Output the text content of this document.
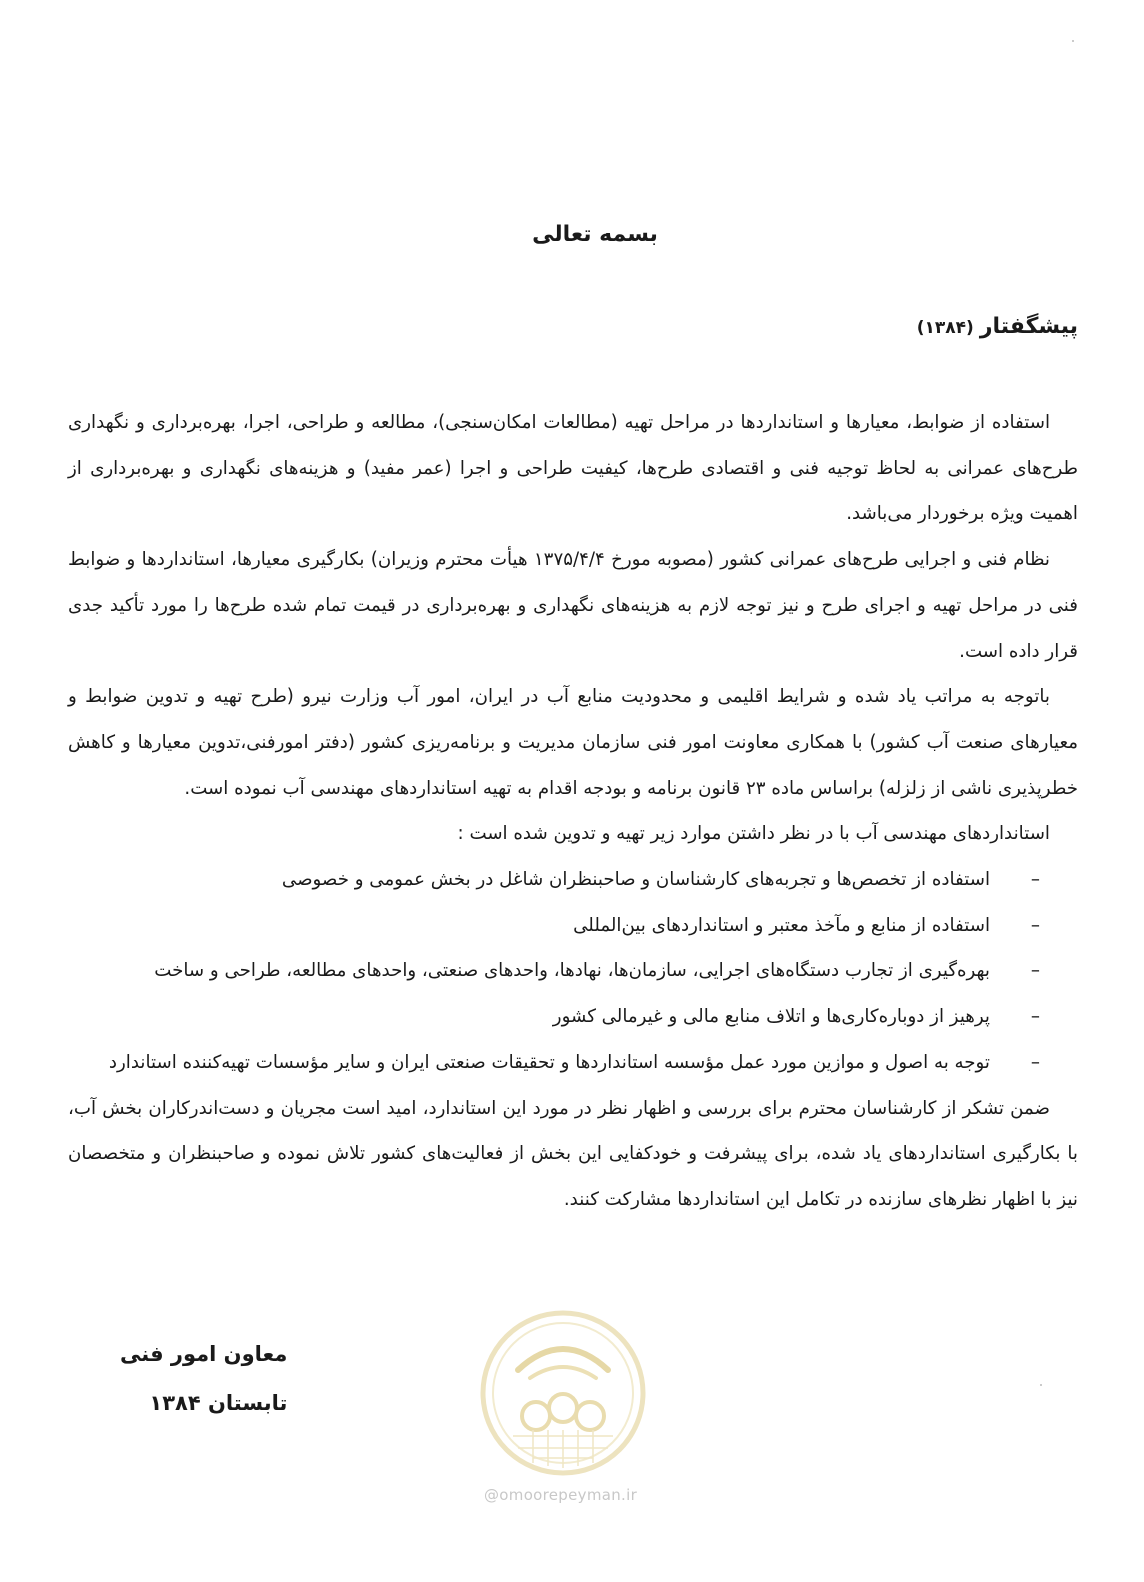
بسمه تعالی
پیشگفتار(۱۳۸۴)

استفاده از ضوابط، معیارها و استانداردها در مراحل تهیه (مطالعات امکان‌سنجی)، مطالعه و طراحی، اجرا، بهره‌برداری و نگهداری طرح‌های عمرانی به لحاظ توجیه فنی و اقتصادی طرح‌ها، کیفیت طراحی و اجرا (عمر مفید) و هزینه‌های نگهداری و بهره‌برداری از اهمیت ویژه برخوردار می‌باشد.

نظام فنی و اجرایی طرح‌های عمرانی کشور (مصوبه مورخ ۱۳۷۵/۴/۴ هیأت محترم وزیران) بکارگیری معیارها، استانداردها و ضوابط فنی در مراحل تهیه و اجرای طرح و نیز توجه لازم به هزینه‌های نگهداری و بهره‌برداری در قیمت تمام شده طرح‌ها را مورد تأکید جدی قرار داده است.

باتوجه به مراتب یاد شده و شرایط اقلیمی و محدودیت منابع آب در ایران، امور آب وزارت نیرو (طرح تهیه و تدوین ضوابط و معیارهای صنعت آب کشور) با همکاری معاونت امور فنی سازمان مدیریت و برنامه‌ریزی کشور (دفتر امورفنی،تدوین معیارها و کاهش خطرپذیری ناشی از زلزله) براساس ماده ۲۳ قانون برنامه و بودجه اقدام به تهیه استانداردهای مهندسی آب نموده است.

استانداردهای مهندسی آب با در نظر داشتن موارد زیر تهیه و تدوین شده است :

–
استفاده از تخصص‌ها و تجربه‌های کارشناسان و صاحبنظران شاغل در بخش عمومی و خصوصی
–
استفاده از منابع و مآخذ معتبر و استانداردهای بین‌المللی
–
بهره‌گیری از تجارب دستگاه‌های اجرایی، سازمان‌ها، نهادها، واحدهای صنعتی، واحدهای مطالعه، طراحی و ساخت
–
پرهیز از دوباره‌کاری‌ها و اتلاف منابع مالی و غیرمالی کشور
–
توجه به اصول و موازین مورد عمل مؤسسه استانداردها و تحقیقات صنعتی ایران و سایر مؤسسات تهیه‌کننده استاندارد

ضمن تشکر از کارشناسان محترم برای بررسی و اظهار نظر در مورد این استاندارد، امید است مجریان و دست‌اندرکاران بخش آب، با بکارگیری استانداردهای یاد شده، برای پیشرفت و خودکفایی این بخش از فعالیت‌های کشور تلاش نموده و صاحبنظران و متخصصان نیز با اظهار نظرهای سازنده در تکامل این استانداردها مشارکت کنند.

معاون امور فنی
تابستان ۱۳۸۴
@omoorepeyman.ir
